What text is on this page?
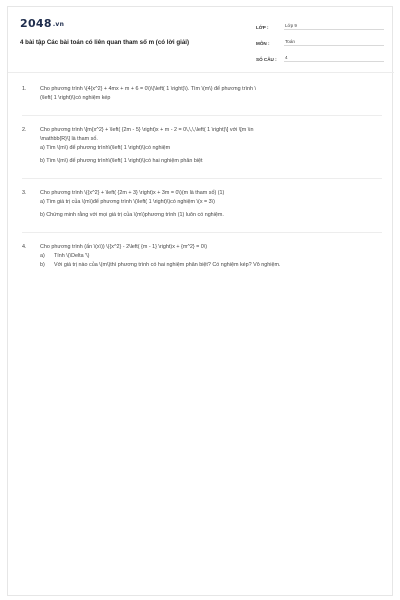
2048.vn
4 bài tập Các bài toán có liên quan tham số m (có lời giải)
LỚP :	Lớp 9
MÔN :	Toán
SỐ CÂU :	4
1.	Cho phương trình \(4{x^2} + 4mx + m + 6 = 0\)\(\left( 1 \right)\). Tìm \(m\) để phương trình \
(\left( 1 \right)\)có nghiệm kép
2.	Cho phương trình \[m{x^2} + \left( {2m - 5} \right)x + m - 2 = 0\,\,\,\left( 1 \right)\] với \[m \in
\mathbb{R}\] là tham số.
a) Tìm \(m\) để phương trình\(\left( 1 \right)\)có nghiệm
b) Tìm \(m\) để phương trình\(\left( 1 \right)\)có hai nghiệm phân biệt
3.	Cho phương trình \({x^2} + \left( {2m + 3} \right)x + 3m = 0\)(m là tham số) (1)
a) Tìm giá trị của \(m\)để phương trình \(\left( 1 \right)\)có nghiệm \(x = 3\)
b) Chứng minh rằng với mọi giá trị của \(m\)phương trình (1) luôn có nghiệm.
4.	Cho phương trình (ẩn \(x\)) \({x^2} - 2\left( {m - 1} \right)x + {m^2} = 0\)
a)	Tính \(\Delta '\)
b)	Với giá trị nào của \(m\)thì phương trình có hai nghiệm phân biệt? Có nghiệm kép? Vô nghiệm.
